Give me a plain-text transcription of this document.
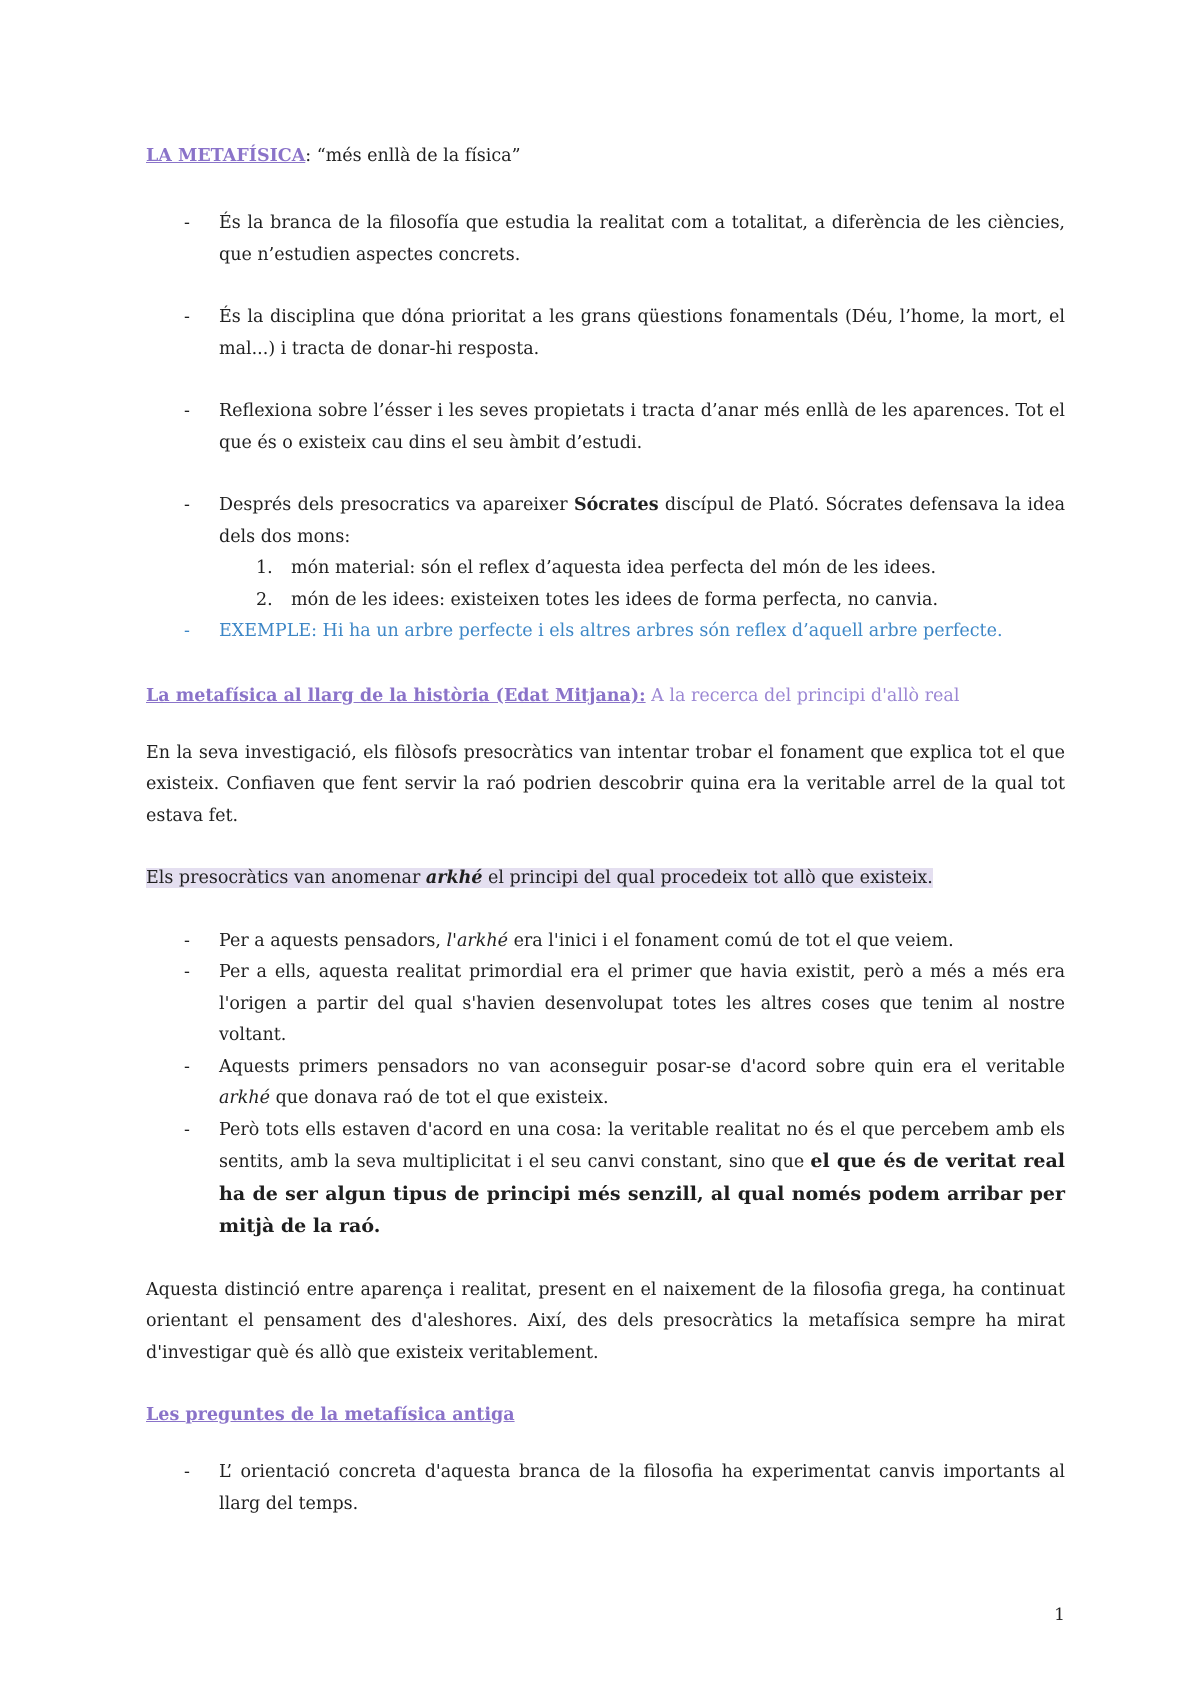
LA METAFÍSICA: “més enllà de la física”

- És la branca de la filosofía que estudia la realitat com a totalitat, a diferència de les ciències, que n’estudien aspectes concrets.
- És la disciplina que dóna prioritat a les grans qüestions fonamentals (Déu, l’home, la mort, el mal...) i tracta de donar-hi resposta.
- Reflexiona sobre l’ésser i les seves propietats i tracta d’anar més enllà de les aparences. Tot el que és o existeix cau dins el seu àmbit d’estudi.
- Després dels presocratics va apareixer Sócrates discípul de Plató. Sócrates defensava la idea dels dos mons:
1.	món material: són el reflex d’aquesta idea perfecta del món de les idees.
2.	món de les idees: existeixen totes les idees de forma perfecta, no canvia.
- EXEMPLE: Hi ha un arbre perfecte i els altres arbres són reflex d’aquell arbre perfecte.

La metafísica al llarg de la història (Edat Mitjana): A la recerca del principi d'allò real

En la seva investigació, els filòsofs presocràtics van intentar trobar el fonament que explica tot el que existeix. Confiaven que fent servir la raó podrien descobrir quina era la veritable arrel de la qual tot estava fet.

Els presocràtics van anomenar arkhé el principi del qual procedeix tot allò que existeix.

- Per a aquests pensadors, l'arkhé era l'inici i el fonament comú de tot el que veiem.
- Per a ells, aquesta realitat primordial era el primer que havia existit, però a més a més era l'origen a partir del qual s'havien desenvolupat totes les altres coses que tenim al nostre voltant.
- Aquests primers pensadors no van aconseguir posar-se d'acord sobre quin era el veritable arkhé que donava raó de tot el que existeix.
- Però tots ells estaven d'acord en una cosa: la veritable realitat no és el que percebem amb els sentits, amb la seva multiplicitat i el seu canvi constant, sino que el que és de veritat real ha de ser algun tipus de principi més senzill, al qual només podem arribar per mitjà de la raó.

Aquesta distinció entre aparença i realitat, present en el naixement de la filosofia grega, ha continuat orientant el pensament des d'aleshores. Així, des dels presocràtics la metafísica sempre ha mirat d'investigar què és allò que existeix veritablement.

Les preguntes de la metafísica antiga

- L’ orientació concreta d'aquesta branca de la filosofia ha experimentat canvis importants al llarg del temps.
1
